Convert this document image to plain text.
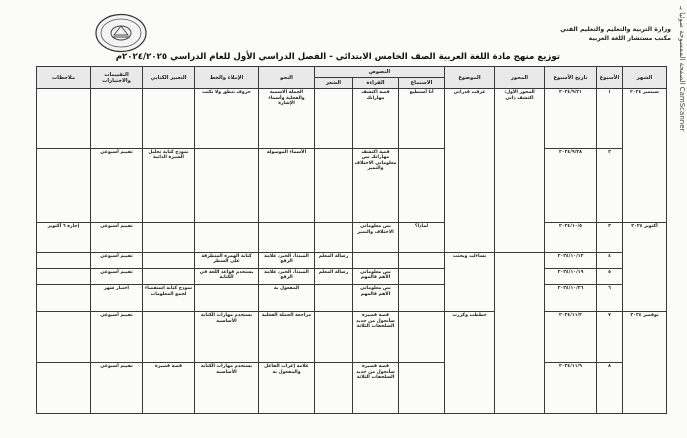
الصفحة الممسوحة ضوئيا بـ CamScanner
وزارة التربية والتعليم والتعليم الفني
مكتب مستشار اللغة العربية
توزيع منهج مادة اللغة العربية الصف الخامس الابتدائي - الفصل الدراسي الأول للعام الدراسي ٢٠٢٤/٢٠٢٥م
الشهر	الأسبوع	تاريخ الأسبوع	المحور	الموضوع	النصوص			النحو	الإملاء والخط	التعبير الكتابي	التقييمات والاختبارات	ملاحظات
					الاستماع	القراءة	الشعر					
سبتمبر ٢٠٢٤	١	٢٠٢٤/٩/٢١	المحور الأول: اكتشف ذاتي	عرفت قدراتي	أنا أستطيع	قصة اكتشف مهاراتك		الجملة الاسمية والفعلية وأسماء الإشارة	حروف تنطق ولا تكتب			
	٢	٢٠٢٤/٩/٢٨				قصة اكتشف مهاراتك نص معلوماتي الاختلاف والتميز		الأسماء الموصولة		نموذج كتابة تحليل السيرة الذاتية	تقييم أسبوعي	
أكتوبر ٢٠٢٤	٣	٢٠٢٤/١٠/٥			لماذا؟	نص معلوماتي الاختلاف والتميز					تقييم أسبوعي	إجازة ٦ أكتوبر
	٤	٢٠٢٤/١٠/١٢		تساءلت وبحثت			رسالة المعلم	المبتدأ، الخبر، علامة الرفع	كتابة الهمزة المتطرفة على السطر		تقييم أسبوعي	
	٥	٢٠٢٤/١٠/١٩				نص معلوماتي الأهم فالمهم	رسالة المعلم	المبتدأ، الخبر، علامة الرفع	يستخدم قواعد اللغة في الكتابة		تقييم أسبوعي	
	٦	٢٠٢٤/١٠/٢٦				نص معلوماتي الأهم فالمهم		المفعول به		نموذج كتابة استقصاء لجمع المعلومات	اختبار شهر	
نوفمبر ٢٠٢٤	٧	٢٠٢٤/١١/٢		خططت وكررت		قصة قصيرة سأتحول من جديد السلحفات الثلاثة		مراجعة الجملة الفعلية	يستخدم مهارات الكتابة الأساسية		تقييم أسبوعي	
	٨	٢٠٢٤/١١/٩				قصة قصيرة سأتحول من جديد السلحفات الثلاثة		علامة إعراب الفاعل والمفعول به	يستخدم مهارات الكتابة الأساسية	قصة قصيرة	تقييم أسبوعي	
